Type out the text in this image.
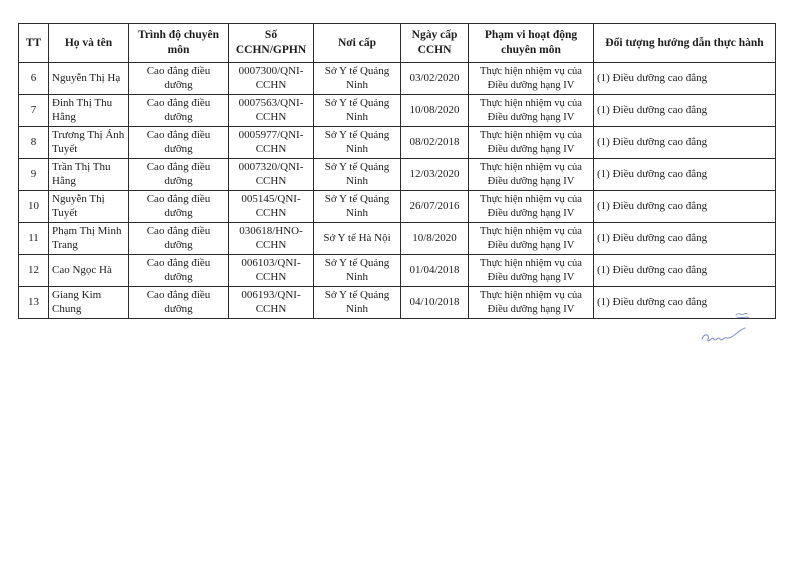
TT	Họ và tên	Trình độ chuyên môn	Số CCHN/GPHN	Nơi cấp	Ngày cấp CCHN	Phạm vi hoạt động chuyên môn	Đối tượng hướng dẫn thực hành
6	Nguyễn Thị Hạ	Cao đẳng điều dưỡng	0007300/QNI-CCHN	Sở Y tế Quảng Ninh	03/02/2020	Thực hiện nhiệm vụ của Điều dưỡng hạng IV	(1) Điều dưỡng cao đẳng
7	Đinh Thị Thu Hằng	Cao đẳng điều dưỡng	0007563/QNI-CCHN	Sở Y tế Quảng Ninh	10/08/2020	Thực hiện nhiệm vụ của Điều dưỡng hạng IV	(1) Điều dưỡng cao đẳng
8	Trương Thị Ánh Tuyết	Cao đẳng điều dưỡng	0005977/QNI-CCHN	Sở Y tế Quảng Ninh	08/02/2018	Thực hiện nhiệm vụ của Điều dưỡng hạng IV	(1) Điều dưỡng cao đẳng
9	Trần Thị Thu Hằng	Cao đẳng điều dưỡng	0007320/QNI-CCHN	Sở Y tế Quảng Ninh	12/03/2020	Thực hiện nhiệm vụ của Điều dưỡng hạng IV	(1) Điều dưỡng cao đẳng
10	Nguyễn Thị Tuyết	Cao đẳng điều dưỡng	005145/QNI-CCHN	Sở Y tế Quảng Ninh	26/07/2016	Thực hiện nhiệm vụ của Điều dưỡng hạng IV	(1) Điều dưỡng cao đẳng
11	Phạm Thị Minh Trang	Cao đẳng điều dưỡng	030618/HNO-CCHN	Sở Y tế Hà Nội	10/8/2020	Thực hiện nhiệm vụ của Điều dưỡng hạng IV	(1) Điều dưỡng cao đẳng
12	Cao Ngọc Hà	Cao đẳng điều dưỡng	006103/QNI-CCHN	Sở Y tế Quảng Ninh	01/04/2018	Thực hiện nhiệm vụ của Điều dưỡng hạng IV	(1) Điều dưỡng cao đẳng
13	Giang Kim Chung	Cao đẳng điều dưỡng	006193/QNI-CCHN	Sở Y tế Quảng Ninh	04/10/2018	Thực hiện nhiệm vụ của Điều dưỡng hạng IV	(1) Điều dưỡng cao đẳng
